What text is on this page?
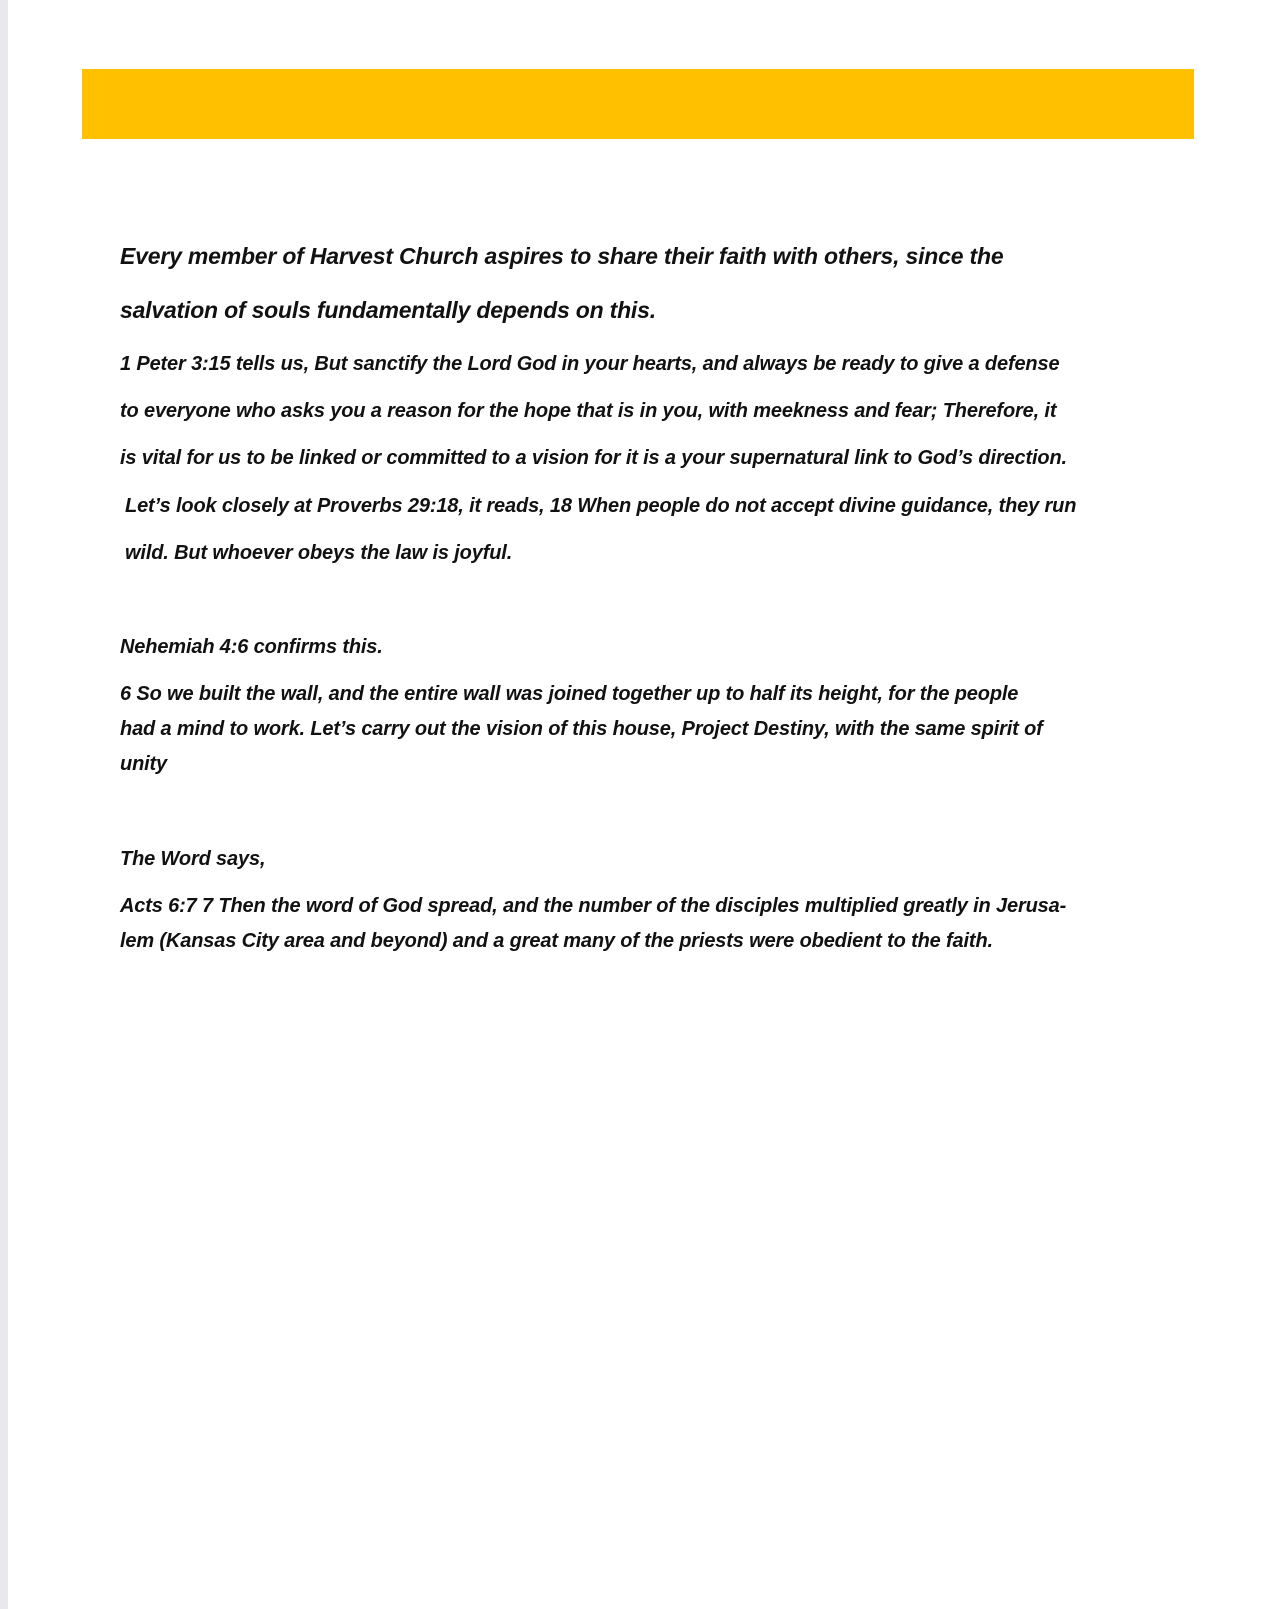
Every member of Harvest Church aspires to share their faith with others, since the

salvation of souls fundamentally depends on this.

1 Peter 3:15 tells us, But sanctify the Lord God in your hearts, and always be ready to give a defense

to everyone who asks you a reason for the hope that is in you, with meekness and fear; Therefore, it

is vital for us to be linked or committed to a vision for it is a your supernatural link to God’s direction.

Let’s look closely at Proverbs 29:18, it reads, 18 When people do not accept divine guidance, they run

wild. But whoever obeys the law is joyful.

Nehemiah 4:6 confirms this.

6 So we built the wall, and the entire wall was joined together up to half its height, for the people

had a mind to work. Let’s carry out the vision of this house, Project Destiny, with the same spirit of

unity

The Word says,

Acts 6:7 7 Then the word of God spread, and the number of the disciples multiplied greatly in Jerusa-

lem (Kansas City area and beyond) and a great many of the priests were obedient to the faith.
